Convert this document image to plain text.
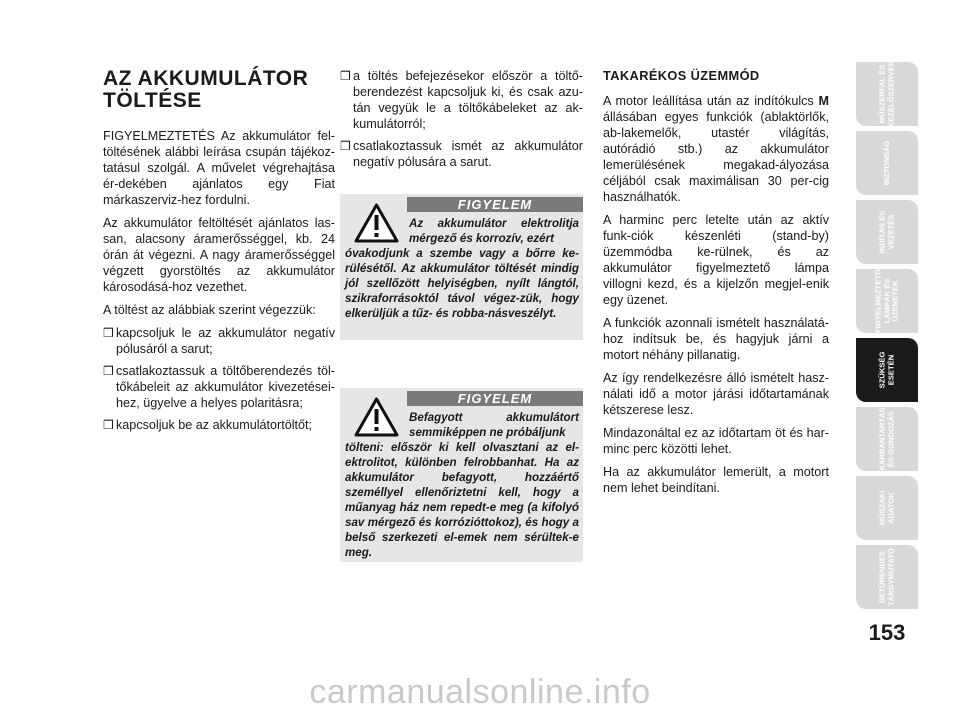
AZ AKKUMULÁTOR
TÖLTÉSE

FIGYELMEZTETÉS Az akkumulátor fel-töltésének alábbi leírása csupán tájékoz-tatásul szolgál. A művelet végrehajtása ér-dekében ajánlatos egy Fiat márkaszerviz-hez fordulni.

Az akkumulátor feltöltését ajánlatos las-san, alacsony áramerősséggel, kb. 24 órán át végezni. A nagy áramerősséggel végzett gyorstöltés az akkumulátor károsodásá-hoz vezethet.

A töltést az alábbiak szerint végezzük:

❒ kapcsoljuk le az akkumulátor negatív pólusáról a sarut;
❒ csatlakoztassuk a töltőberendezés töl-tőkábeleit az akkumulátor kivezetései-hez, ügyelve a helyes polaritásra;
❒ kapcsoljuk be az akkumulátortöltőt;
❒ a töltés befejezésekor először a töltő-berendezést kapcsoljuk ki, és csak azu-tán vegyük le a töltőkábeleket az ak-kumulátorról;
❒ csatlakoztassuk ismét az akkumulátor negatív pólusára a sarut.
FIGYELEM
Az akkumulátor elektrolitja mérgező és korrozív, ezért
óvakodjunk a szembe vagy a bőrre ke-rülésétől. Az akkumulátor töltését mindig jól szellőzött helyiségben, nyílt lángtól, szikraforrásoktól távol végez-zük, hogy elkerüljük a tűz- és robba-násveszélyt.
FIGYELEM
Befagyott akkumulátort semmiképpen ne próbáljunk
tölteni: először ki kell olvasztani az el-ektrolitot, különben felrobbanhat. Ha az akkumulátor befagyott, hozzáértő személlyel ellenőriztetni kell, hogy a műanyag ház nem repedt-e meg (a kifolyó sav mérgező és korrózióttokoz), és hogy a belső szerkezeti el-emek nem sérültek-e meg.
TAKARÉKOS ÜZEMMÓD

A motor leállítása után az indítókulcs M állásában egyes funkciók (ablaktörlők, ab-lakemelők, utastér világítás, autórádió stb.) az akkumulátor lemerülésének megakad-ályozása céljából csak maximálisan 30 per-cig használhatók.

A harminc perc letelte után az aktív funk-ciók készenléti (stand-by) üzemmódba ke-rülnek, és az akkumulátor figyelmeztető lámpa villogni kezd, és a kijelzőn megjel-enik egy üzenet.

A funkciók azonnali ismételt használatá-hoz indítsuk be, és hagyjuk járni a motort néhány pillanatig.

Az így rendelkezésre álló ismételt hasz-nálati idő a motor járási időtartamának kétszerese lesz.

Mindazonáltal ez az időtartam öt és har-minc perc közötti lehet.

Ha az akkumulátor lemerült, a motort nem lehet beindítani.

MŰSZERFAL ÉS
KEZELŐSZERVEK
BIZTONSÁG
INDÍTÁS ÉS
VEZETÉS
FIGYELMEZTETŐ
LÁMPÁK ÉS
ÜZENETEK
SZÜKSÉG
ESETÉN
KARBANTARTÁS
ÉS GONDOZÁS
MŰSZAKI
ADATOK
BETŰRENDES
TÁRGYMUTATÓ
153
carmanualsonline.info
